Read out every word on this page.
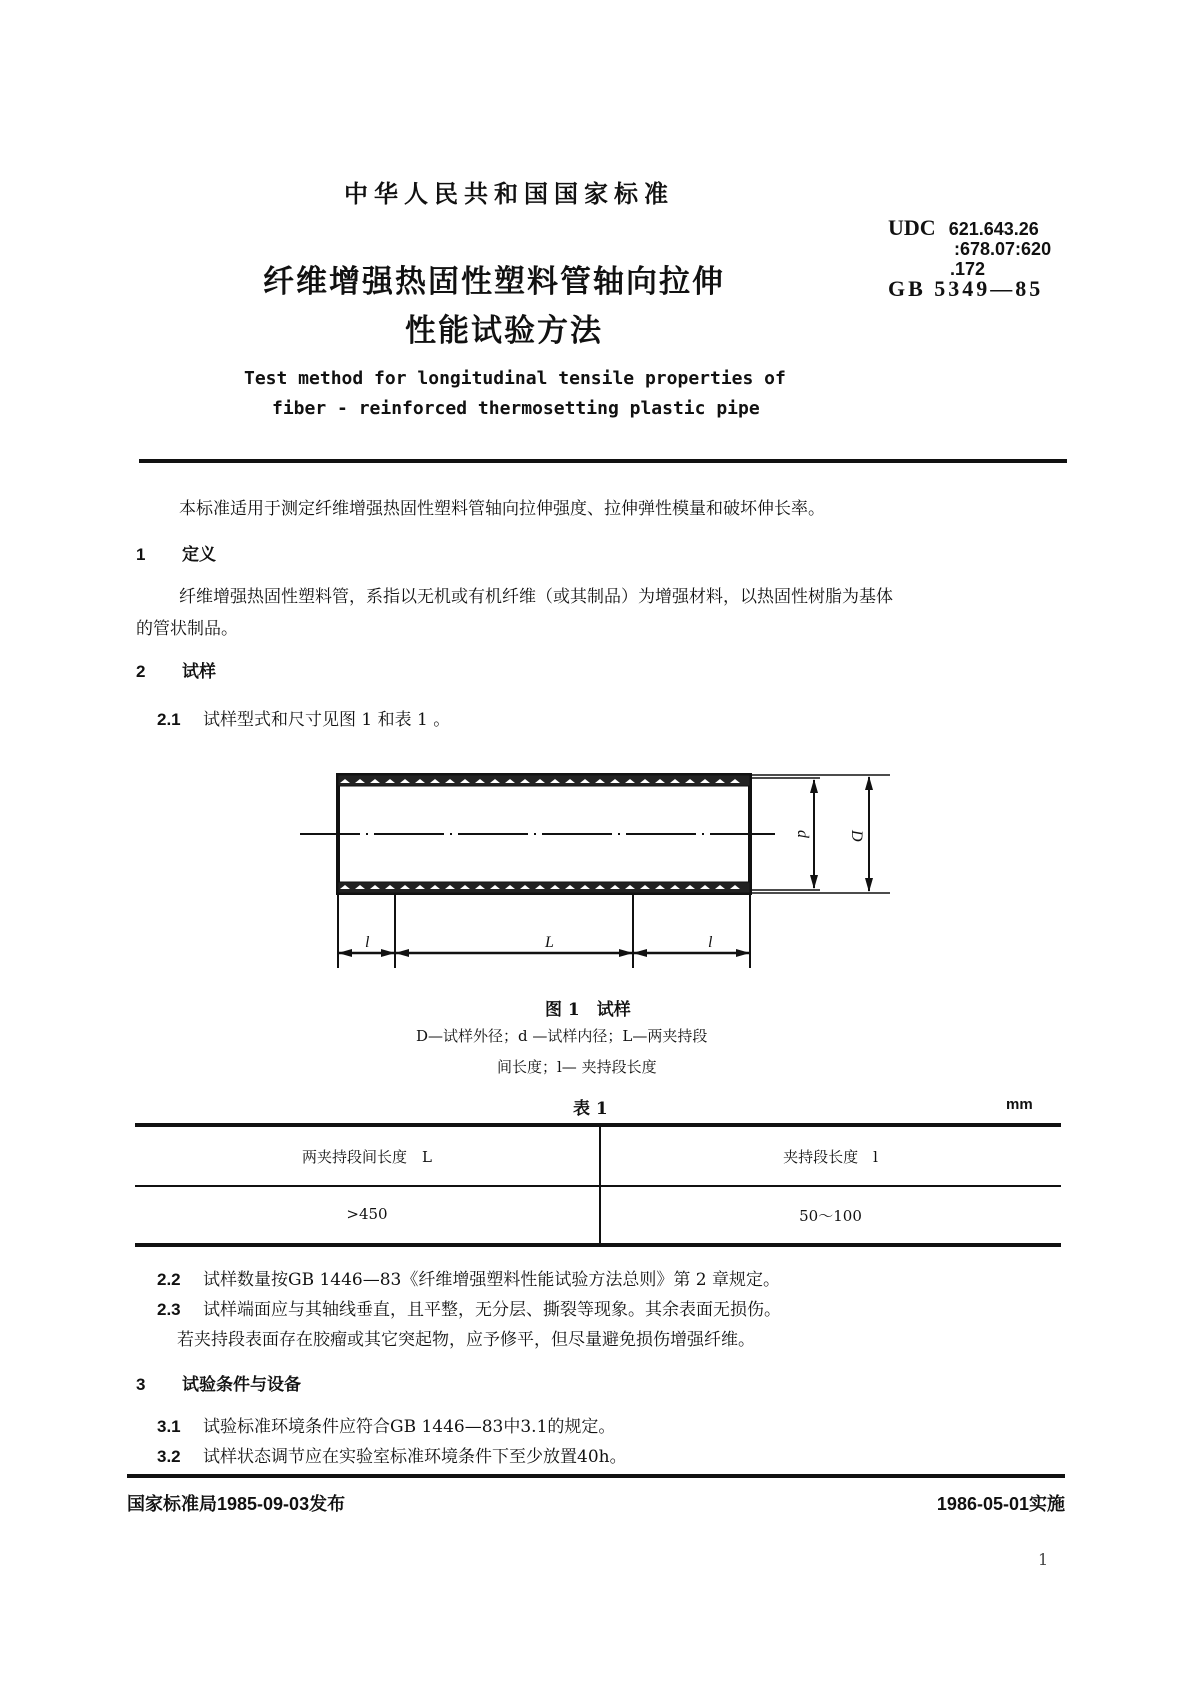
中华人民共和国国家标准
纤维增强热固性塑料管轴向拉伸
性能试验方法
UDC 621.643.26
:678.07:620
.172
GB 5349—85
Test method for longitudinal tensile properties of
fiber - reinforced thermosetting plastic pipe
本标准适用于测定纤维增强热固性塑料管轴向拉伸强度、拉伸弹性模量和破坏伸长率。
1 定义
纤维增强热固性塑料管，系指以无机或有机纤维（或其制品）为增强材料，以热固性树脂为基体
的管状制品。
2 试样
2.1 试样型式和尺寸见图 1 和表 1 。
d D
l	L	l
图 1　试样
D—试样外径；d —试样内径；L—两夹持段
间长度；l— 夹持段长度
表 1	mm
两夹持段间长度　L	夹持段长度　l
>450	50～100
2.2 试样数量按GB 1446—83《纤维增强塑料性能试验方法总则》第 2 章规定。
2.3 试样端面应与其轴线垂直，且平整，无分层、撕裂等现象。其余表面无损伤。
若夹持段表面存在胶瘤或其它突起物，应予修平，但尽量避免损伤增强纤维。
3 试验条件与设备
3.1 试验标准环境条件应符合GB 1446—83中3.1的规定。
3.2 试样状态调节应在实验室标准环境条件下至少放置40h。
国家标准局1985-09-03发布	1986-05-01实施
1
